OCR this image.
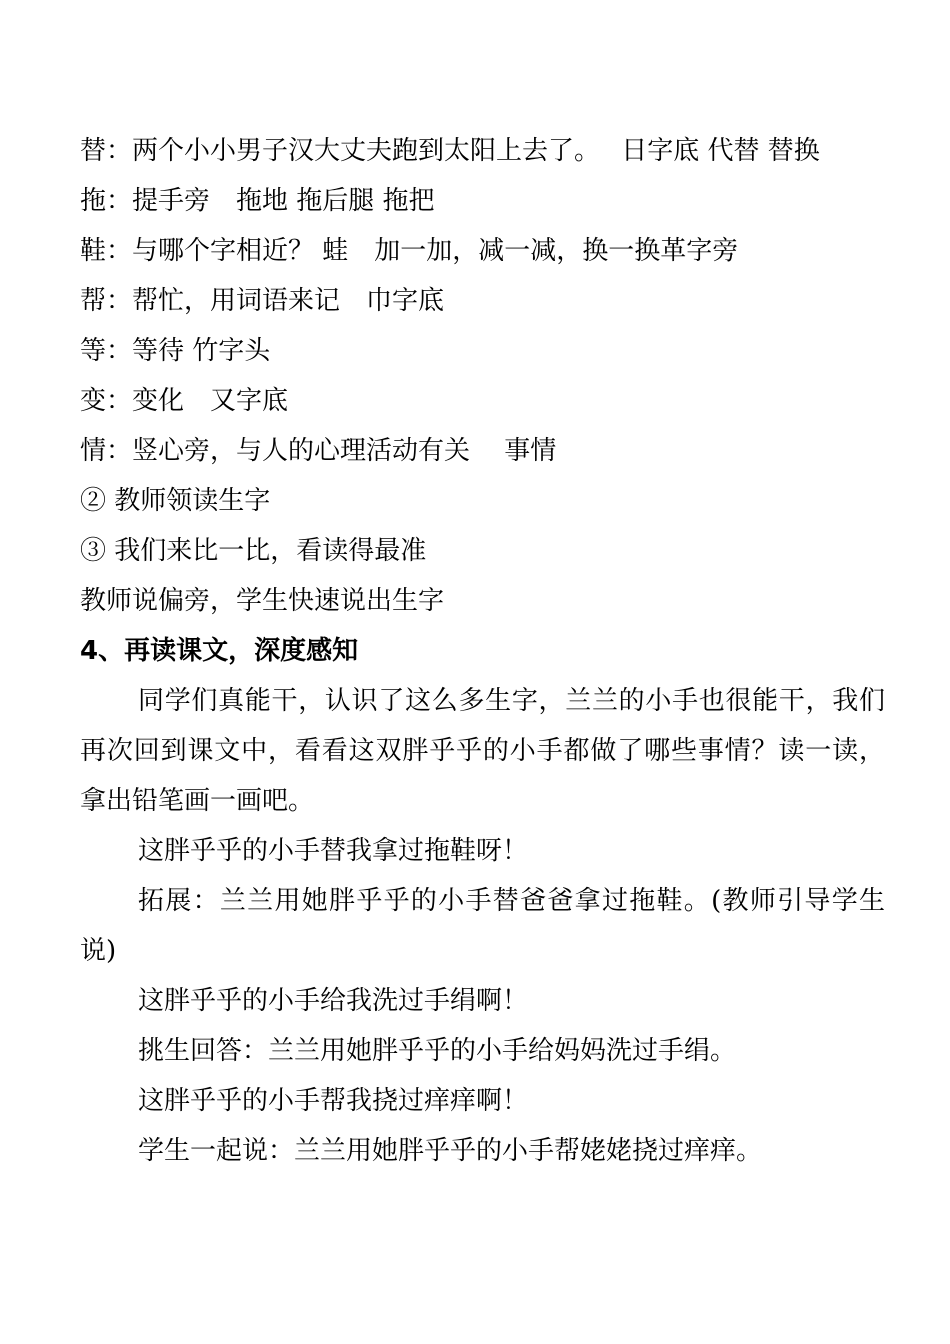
替：两个小小男子汉大丈夫跑到太阳上去了。　 日字底 代替 替换

拖：提手旁　拖地 拖后腿 拖把

鞋：与哪个字相近？ 蛙　加一加，减一减，换一换革字旁

帮：帮忙，用词语来记　巾字底

等：等待 竹字头

变：变化　又字底

情：竖心旁，与人的心理活动有关　 事情

② 教师领读生字

③ 我们来比一比，看读得最准

教师说偏旁，学生快速说出生字

4、再读课文，深度感知

同学们真能干，认识了这么多生字，兰兰的小手也很能干，我们再次回到课文中，看看这双胖乎乎的小手都做了哪些事情？读一读，拿出铅笔画一画吧。

这胖乎乎的小手替我拿过拖鞋呀！

拓展：兰兰用她胖乎乎的小手替爸爸拿过拖鞋。(教师引导学生说)

这胖乎乎的小手给我洗过手绢啊！

挑生回答：兰兰用她胖乎乎的小手给妈妈洗过手绢。

这胖乎乎的小手帮我挠过痒痒啊！

学生一起说：兰兰用她胖乎乎的小手帮姥姥挠过痒痒。
